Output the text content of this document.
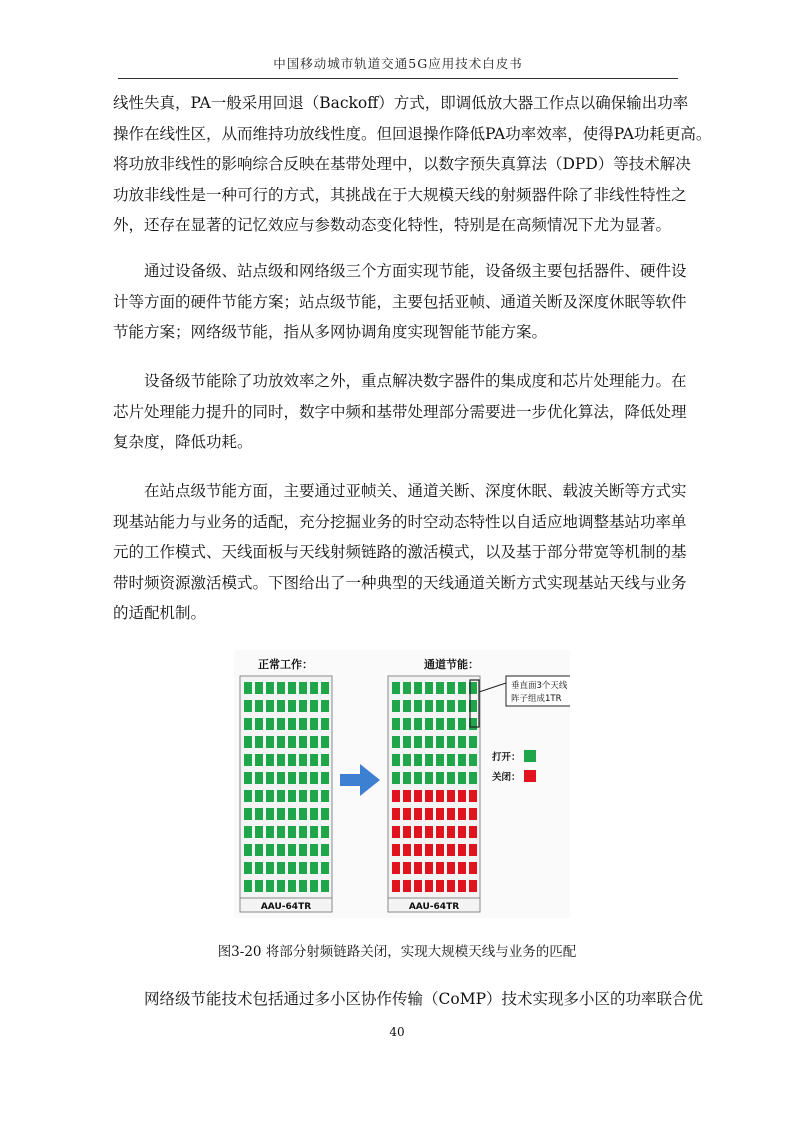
中国移动城市轨道交通5G应用技术白皮书
线性失真，PA一般采用回退（Backoff）方式，即调低放大器工作点以确保输出功率
操作在线性区，从而维持功放线性度。但回退操作降低PA功率效率，使得PA功耗更高。
将功放非线性的影响综合反映在基带处理中，以数字预失真算法（DPD）等技术解决
功放非线性是一种可行的方式，其挑战在于大规模天线的射频器件除了非线性特性之
外，还存在显著的记忆效应与参数动态变化特性，特别是在高频情况下尤为显著。
　　通过设备级、站点级和网络级三个方面实现节能，设备级主要包括器件、硬件设
计等方面的硬件节能方案；站点级节能，主要包括亚帧、通道关断及深度休眠等软件
节能方案；网络级节能，指从多网协调角度实现智能节能方案。
　　设备级节能除了功放效率之外，重点解决数字器件的集成度和芯片处理能力。在
芯片处理能力提升的同时，数字中频和基带处理部分需要进一步优化算法，降低处理
复杂度，降低功耗。
　　在站点级节能方面，主要通过亚帧关、通道关断、深度休眠、载波关断等方式实
现基站能力与业务的适配，充分挖掘业务的时空动态特性以自适应地调整基站功率单
元的工作模式、天线面板与天线射频链路的激活模式，以及基于部分带宽等机制的基
带时频资源激活模式。下图给出了一种典型的天线通道关断方式实现基站天线与业务
的适配机制。
正常工作：	通道节能：
AAU-64TR	AAU-64TR
垂直面3个天线
阵子组成1TR
打开：
关闭：
图3-20 将部分射频链路关闭，实现大规模天线与业务的匹配
　　网络级节能技术包括通过多小区协作传输（CoMP）技术实现多小区的功率联合优
40
